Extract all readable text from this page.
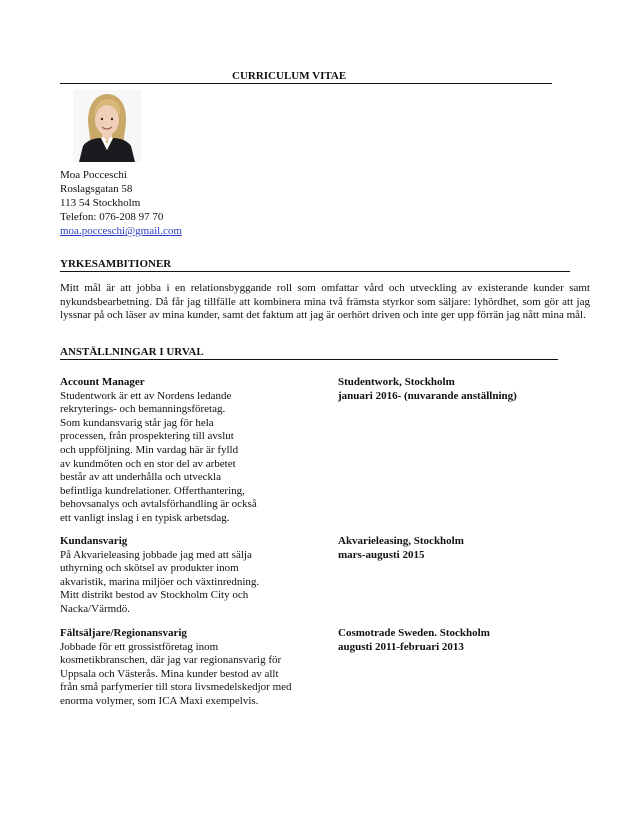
CURRICULUM VITAE
Moa Pocceschi
Roslagsgatan 58
113 54 Stockholm
Telefon: 076-208 97 70
moa.pocceschi@gmail.com
YRKESAMBITIONER
Mitt mål är att jobba i en relationsbyggande roll som omfattar vård och utveckling av existerande kunder samt nykundsbearbetning. Då får jag tillfälle att kombinera mina två främsta styrkor som säljare: lyhördhet, som gör att jag lyssnar på och läser av mina kunder, samt det faktum att jag är oerhört driven och inte ger upp förrän jag nått mina mål.
ANSTÄLLNINGAR I URVAL
Account Manager
Studentwork är ett av Nordens ledande
rekryterings- och bemanningsföretag.
Som kundansvarig står jag för hela
processen, från prospektering till avslut
och uppföljning. Min vardag här är fylld
av kundmöten och en stor del av arbetet
består av att underhålla och utveckla
befintliga kundrelationer. Offerthantering,
behovsanalys och avtalsförhandling är också
ett vanligt inslag i en typisk arbetsdag.
Studentwork, Stockholm
januari 2016- (nuvarande anställning)
Kundansvarig
På Akvarieleasing jobbade jag med att sälja
uthyrning och skötsel av produkter inom
akvaristik, marina miljöer och växtinredning.
Mitt distrikt bestod av Stockholm City och
Nacka/Värmdö.
Akvarieleasing, Stockholm
mars-augusti 2015
Fältsäljare/Regionansvarig
Jobbade för ett grossistföretag inom
kosmetikbranschen, där jag var regionansvarig för
Uppsala och Västerås. Mina kunder bestod av allt
från små parfymerier till stora livsmedelskedjor med
enorma volymer, som ICA Maxi exempelvis.
Cosmotrade Sweden. Stockholm
augusti 2011-februari 2013
